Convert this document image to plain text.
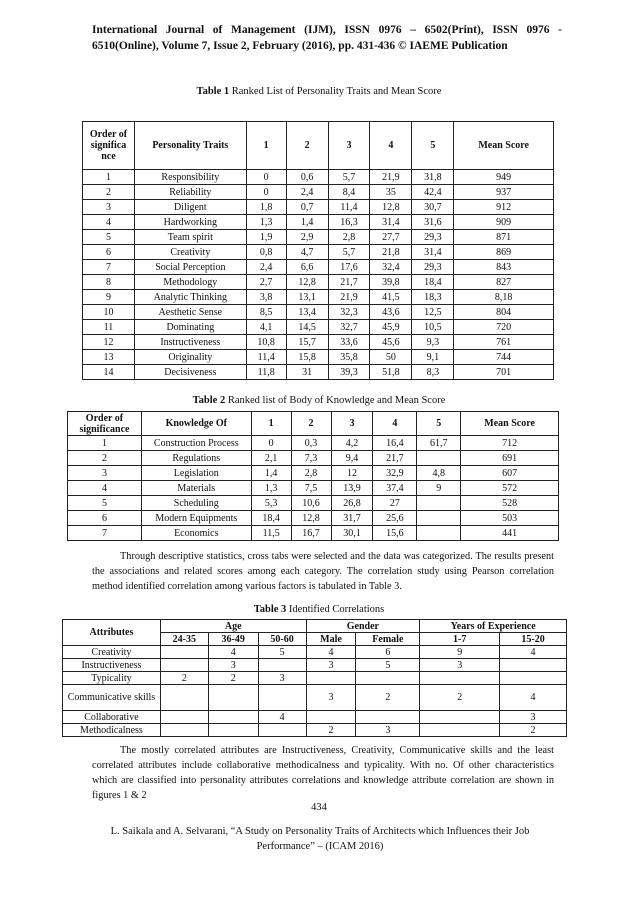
International Journal of Management (IJM), ISSN 0976 – 6502(Print), ISSN 0976 - 6510(Online), Volume 7, Issue 2, February (2016), pp. 431-436 © IAEME Publication
Table 1 Ranked List of Personality Traits and Mean Score
Order of significa nce	Personality Traits	1	2	3	4	5	Mean Score
1	Responsibility	0	0,6	5,7	21,9	31,8	949
2	Reliability	0	2,4	8,4	35	42,4	937
3	Diligent	1,8	0,7	11,4	12,8	30,7	912
4	Hardworking	1,3	1,4	16,3	31,4	31,6	909
5	Team spirit	1,9	2,9	2,8	27,7	29,3	871
6	Creativity	0,8	4,7	5,7	21,8	31,4	869
7	Social Perception	2,4	6,6	17,6	32,4	29,3	843
8	Methodology	2,7	12,8	21,7	39,8	18,4	827
9	Analytic Thinking	3,8	13,1	21,9	41,5	18,3	8,18
10	Aesthetic Sense	8,5	13,4	32,3	43,6	12,5	804
11	Dominating	4,1	14,5	32,7	45,9	10,5	720
12	Instructiveness	10,8	15,7	33,6	45,6	9,3	761
13	Originality	11,4	15,8	35,8	50	9,1	744
14	Decisiveness	11,8	31	39,3	51,8	8,3	701
Table 2 Ranked list of Body of Knowledge and Mean Score
Order of significance	Knowledge Of	1	2	3	4	5	Mean Score
1	Construction Process	0	0,3	4,2	16,4	61,7	712
2	Regulations	2,1	7,3	9,4	21,7		691
3	Legislation	1,4	2,8	12	32,9	4,8	607
4	Materials	1,3	7,5	13,9	37,4	9	572
5	Scheduling	5,3	10,6	26,8	27		528
6	Modern Equipments	18,4	12,8	31,7	25,6		503
7	Economics	11,5	16,7	30,1	15,6		441
Through descriptive statistics, cross tabs were selected and the data was categorized. The results present the associations and related scores among each category. The correlation study using Pearson correlation method identified correlation among various factors is tabulated in Table 3.
Table 3 Identified Correlations
Attributes	Age			Gender		Years of Experience	
	24-35	36-49	50-60	Male	Female	1-7	15-20
Creativity		4	5	4	6	9	4
Instructiveness		3		3	5	3	
Typicality	2	2	3				
Communicative skills				3	2	2	4
Collaborative			4				3
Methodicalness				2	3		2
The mostly correlated attributes are Instructiveness, Creativity, Communicative skills and the least correlated attributes include collaborative methodicalness and typicality. With no. Of other characteristics which are classified into personality attributes correlations and knowledge attribute correlation are shown in figures 1 & 2
434
L. Saikala and A. Selvarani, “A Study on Personality Traits of Architects which Influences their Job Performance” – (ICAM 2016)
